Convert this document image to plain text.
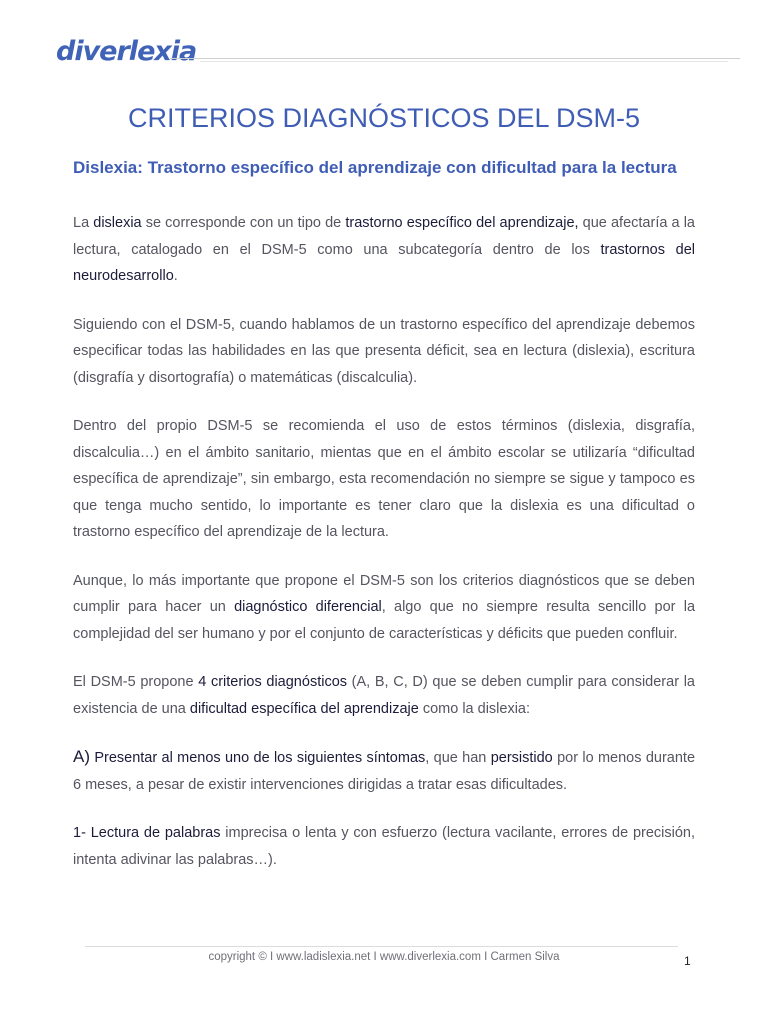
diverlexia
CRITERIOS DIAGNÓSTICOS DEL DSM-5
Dislexia: Trastorno específico del aprendizaje con dificultad para la lectura

La dislexia se corresponde con un tipo de trastorno específico del aprendizaje, que afectaría a la lectura, catalogado en el DSM-5 como una subcategoría dentro de los trastornos del neurodesarrollo.

Siguiendo con el DSM-5, cuando hablamos de un trastorno específico del aprendizaje debemos especificar todas las habilidades en las que presenta déficit, sea en lectura (dislexia), escritura (disgrafía y disortografía) o matemáticas (discalculia).

Dentro del propio DSM-5 se recomienda el uso de estos términos (dislexia, disgrafía, discalculia…) en el ámbito sanitario, mientas que en el ámbito escolar se utilizaría “dificultad específica de aprendizaje”, sin embargo, esta recomendación no siempre se sigue y tampoco es que tenga mucho sentido, lo importante es tener claro que la dislexia es una dificultad o trastorno específico del aprendizaje de la lectura.

Aunque, lo más importante que propone el DSM-5 son los criterios diagnósticos que se deben cumplir para hacer un diagnóstico diferencial, algo que no siempre resulta sencillo por la complejidad del ser humano y por el conjunto de características y déficits que pueden confluir.

El DSM-5 propone 4 criterios diagnósticos (A, B, C, D) que se deben cumplir para considerar la existencia de una dificultad específica del aprendizaje como la dislexia:

A) Presentar al menos uno de los siguientes síntomas, que han persistido por lo menos durante 6 meses, a pesar de existir intervenciones dirigidas a tratar esas dificultades.

1- Lectura de palabras imprecisa o lenta y con esfuerzo (lectura vacilante, errores de precisión, intenta adivinar las palabras…).

copyright © I www.ladislexia.net I www.diverlexia.com I Carmen Silva	1
